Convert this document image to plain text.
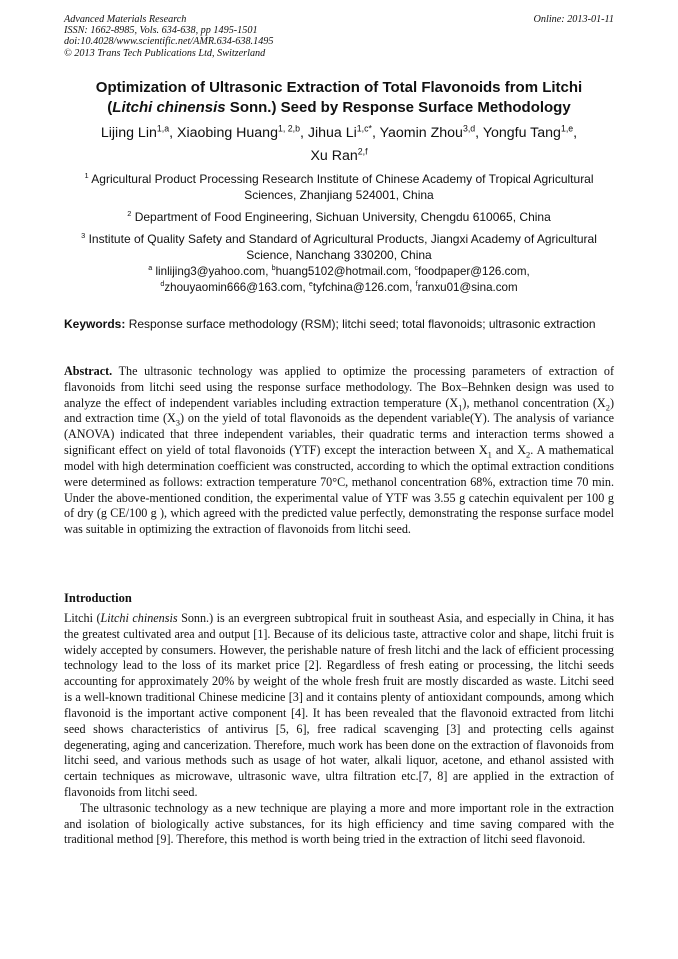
Advanced Materials Research
ISSN: 1662-8985, Vols. 634-638, pp 1495-1501
doi:10.4028/www.scientific.net/AMR.634-638.1495
© 2013 Trans Tech Publications Ltd, Switzerland
Online: 2013-01-11
Optimization of Ultrasonic Extraction of Total Flavonoids from Litchi
(Litchi chinensis Sonn.) Seed by Response Surface Methodology
Lijing Lin$^{1,a}$, Xiaobing Huang$^{1, 2,b}$, Jihua $Li^{1,c*}$, Yaomin Zhou$^{3,d}$, Yongfu Tang$^{1,e}$,
Xu Ran$^{2,f}$
$^1$ Agricultural Product Processing Research Institute of Chinese Academy of Tropical Agricultural Sciences, Zhanjiang 524001, China
$^2$ Department of Food Engineering, Sichuan University, Chengdu 610065, China
$^3$ Institute of Quality Safety and Standard of Agricultural Products, Jiangxi Academy of Agricultural Science, Nanchang 330200, China
$^a$ linlijing3@yahoo.com, $^b$huang5102@hotmail.com, $^c$foodpaper@126.com,
$^d$zhouyaomin666@163.com, $^e$tyfchina@126.com, $^f$ranxu01@sina.com
Keywords: Response surface methodology (RSM); litchi seed; total flavonoids; ultrasonic extraction
Abstract. The ultrasonic technology was applied to optimize the processing parameters of extraction of flavonoids from litchi seed using the response surface methodology. The Box–Behnken design was used to analyze the effect of independent variables including extraction temperature $(X_1)$, methanol concentration $(X_2)$ and extraction time $(X_3)$ on the yield of total flavonoids as the dependent variable(Y). The analysis of variance (ANOVA) indicated that three independent variables, their quadratic terms and interaction terms showed a significant effect on yield of total flavonoids (YTF) except the interaction between $X_1$ and $X_2$. A mathematical model with high determination coefficient was constructed, according to which the optimal extraction conditions were determined as follows: extraction temperature 70°C, methanol concentration 68%, extraction time 70 min. Under the above-mentioned condition, the experimental value of YTF was 3.55 g catechin equivalent per 100 g of dry (g CE/100 g ), which agreed with the predicted value perfectly, demonstrating the response surface model was suitable in optimizing the extraction of flavonoids from litchi seed.
Introduction

Litchi (Litchi chinensis Sonn.) is an evergreen subtropical fruit in southeast Asia, and especially in China, it has the greatest cultivated area and output [1]. Because of its delicious taste, attractive color and shape, litchi fruit is widely accepted by consumers. However, the perishable nature of fresh litchi and the lack of efficient processing technology lead to the loss of its market price [2]. Regardless of fresh eating or processing, the litchi seeds accounting for approximately 20% by weight of the whole fresh fruit are mostly discarded as waste. Litchi seed is a well-known traditional Chinese medicine [3] and it contains plenty of antioxidant compounds, among which flavonoid is the important active component [4]. It has been revealed that the flavonoid extracted from litchi seed shows characteristics of antivirus [5, 6], free radical scavenging [3] and protecting cells against degenerating, aging and cancerization. Therefore, much work has been done on the extraction of flavonoids from litchi seed, and various methods such as usage of hot water, alkali liquor, acetone, and ethanol assisted with certain techniques as microwave, ultrasonic wave, ultra filtration etc.[7, 8] are applied in the extraction of flavonoids from litchi seed.

The ultrasonic technology as a new technique are playing a more and more important role in the extraction and isolation of biologically active substances, for its high efficiency and time saving compared with the traditional method [9]. Therefore, this method is worth being tried in the extraction of litchi seed flavonoid.
